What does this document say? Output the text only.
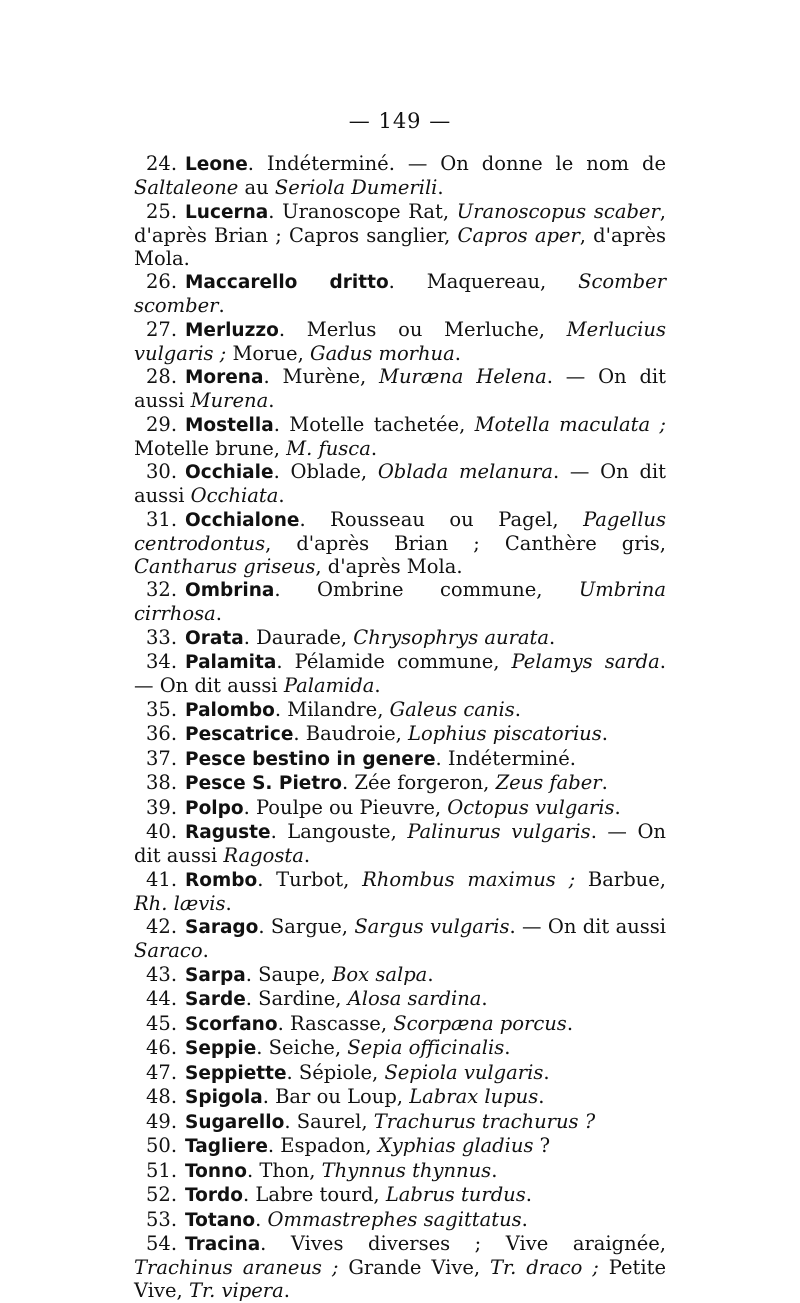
— 149 —

24. Leone. Indéterminé. — On donne le nom de Saltaleone au Seriola Dumerili.

25. Lucerna. Uranoscope Rat, Uranoscopus scaber, d'après Brian ; Capros sanglier, Capros aper, d'après Mola.

26. Maccarello dritto. Maquereau, Scomber scomber.

27. Merluzzo. Merlus ou Merluche, Merlucius vulgaris ; Morue, Gadus morhua.

28. Morena. Murène, Muræna Helena. — On dit aussi Murena.

29. Mostella. Motelle tachetée, Motella maculata ; Motelle brune, M. fusca.

30. Occhiale. Oblade, Oblada melanura. — On dit aussi Occhiata.

31. Occhialone. Rousseau ou Pagel, Pagellus centrodontus, d'après Brian ; Canthère gris, Cantharus griseus, d'après Mola.

32. Ombrina. Ombrine commune, Umbrina cirrhosa.

33. Orata. Daurade, Chrysophrys aurata.

34. Palamita. Pélamide commune, Pelamys sarda. — On dit aussi Palamida.

35. Palombo. Milandre, Galeus canis.

36. Pescatrice. Baudroie, Lophius piscatorius.

37. Pesce bestino in genere. Indéterminé.

38. Pesce S. Pietro. Zée forgeron, Zeus faber.

39. Polpo. Poulpe ou Pieuvre, Octopus vulgaris.

40. Raguste. Langouste, Palinurus vulgaris. — On dit aussi Ragosta.

41. Rombo. Turbot, Rhombus maximus ; Barbue, Rh. lævis.

42. Sarago. Sargue, Sargus vulgaris. — On dit aussi Saraco.

43. Sarpa. Saupe, Box salpa.

44. Sarde. Sardine, Alosa sardina.

45. Scorfano. Rascasse, Scorpæna porcus.

46. Seppie. Seiche, Sepia officinalis.

47. Seppiette. Sépiole, Sepiola vulgaris.

48. Spigola. Bar ou Loup, Labrax lupus.

49. Sugarello. Saurel, Trachurus trachurus ?

50. Tagliere. Espadon, Xyphias gladius ?

51. Tonno. Thon, Thynnus thynnus.

52. Tordo. Labre tourd, Labrus turdus.

53. Totano. Ommastrephes sagittatus.

54. Tracina. Vives diverses ; Vive araignée, Trachinus araneus ; Grande Vive, Tr. draco ; Petite Vive, Tr. vipera.
